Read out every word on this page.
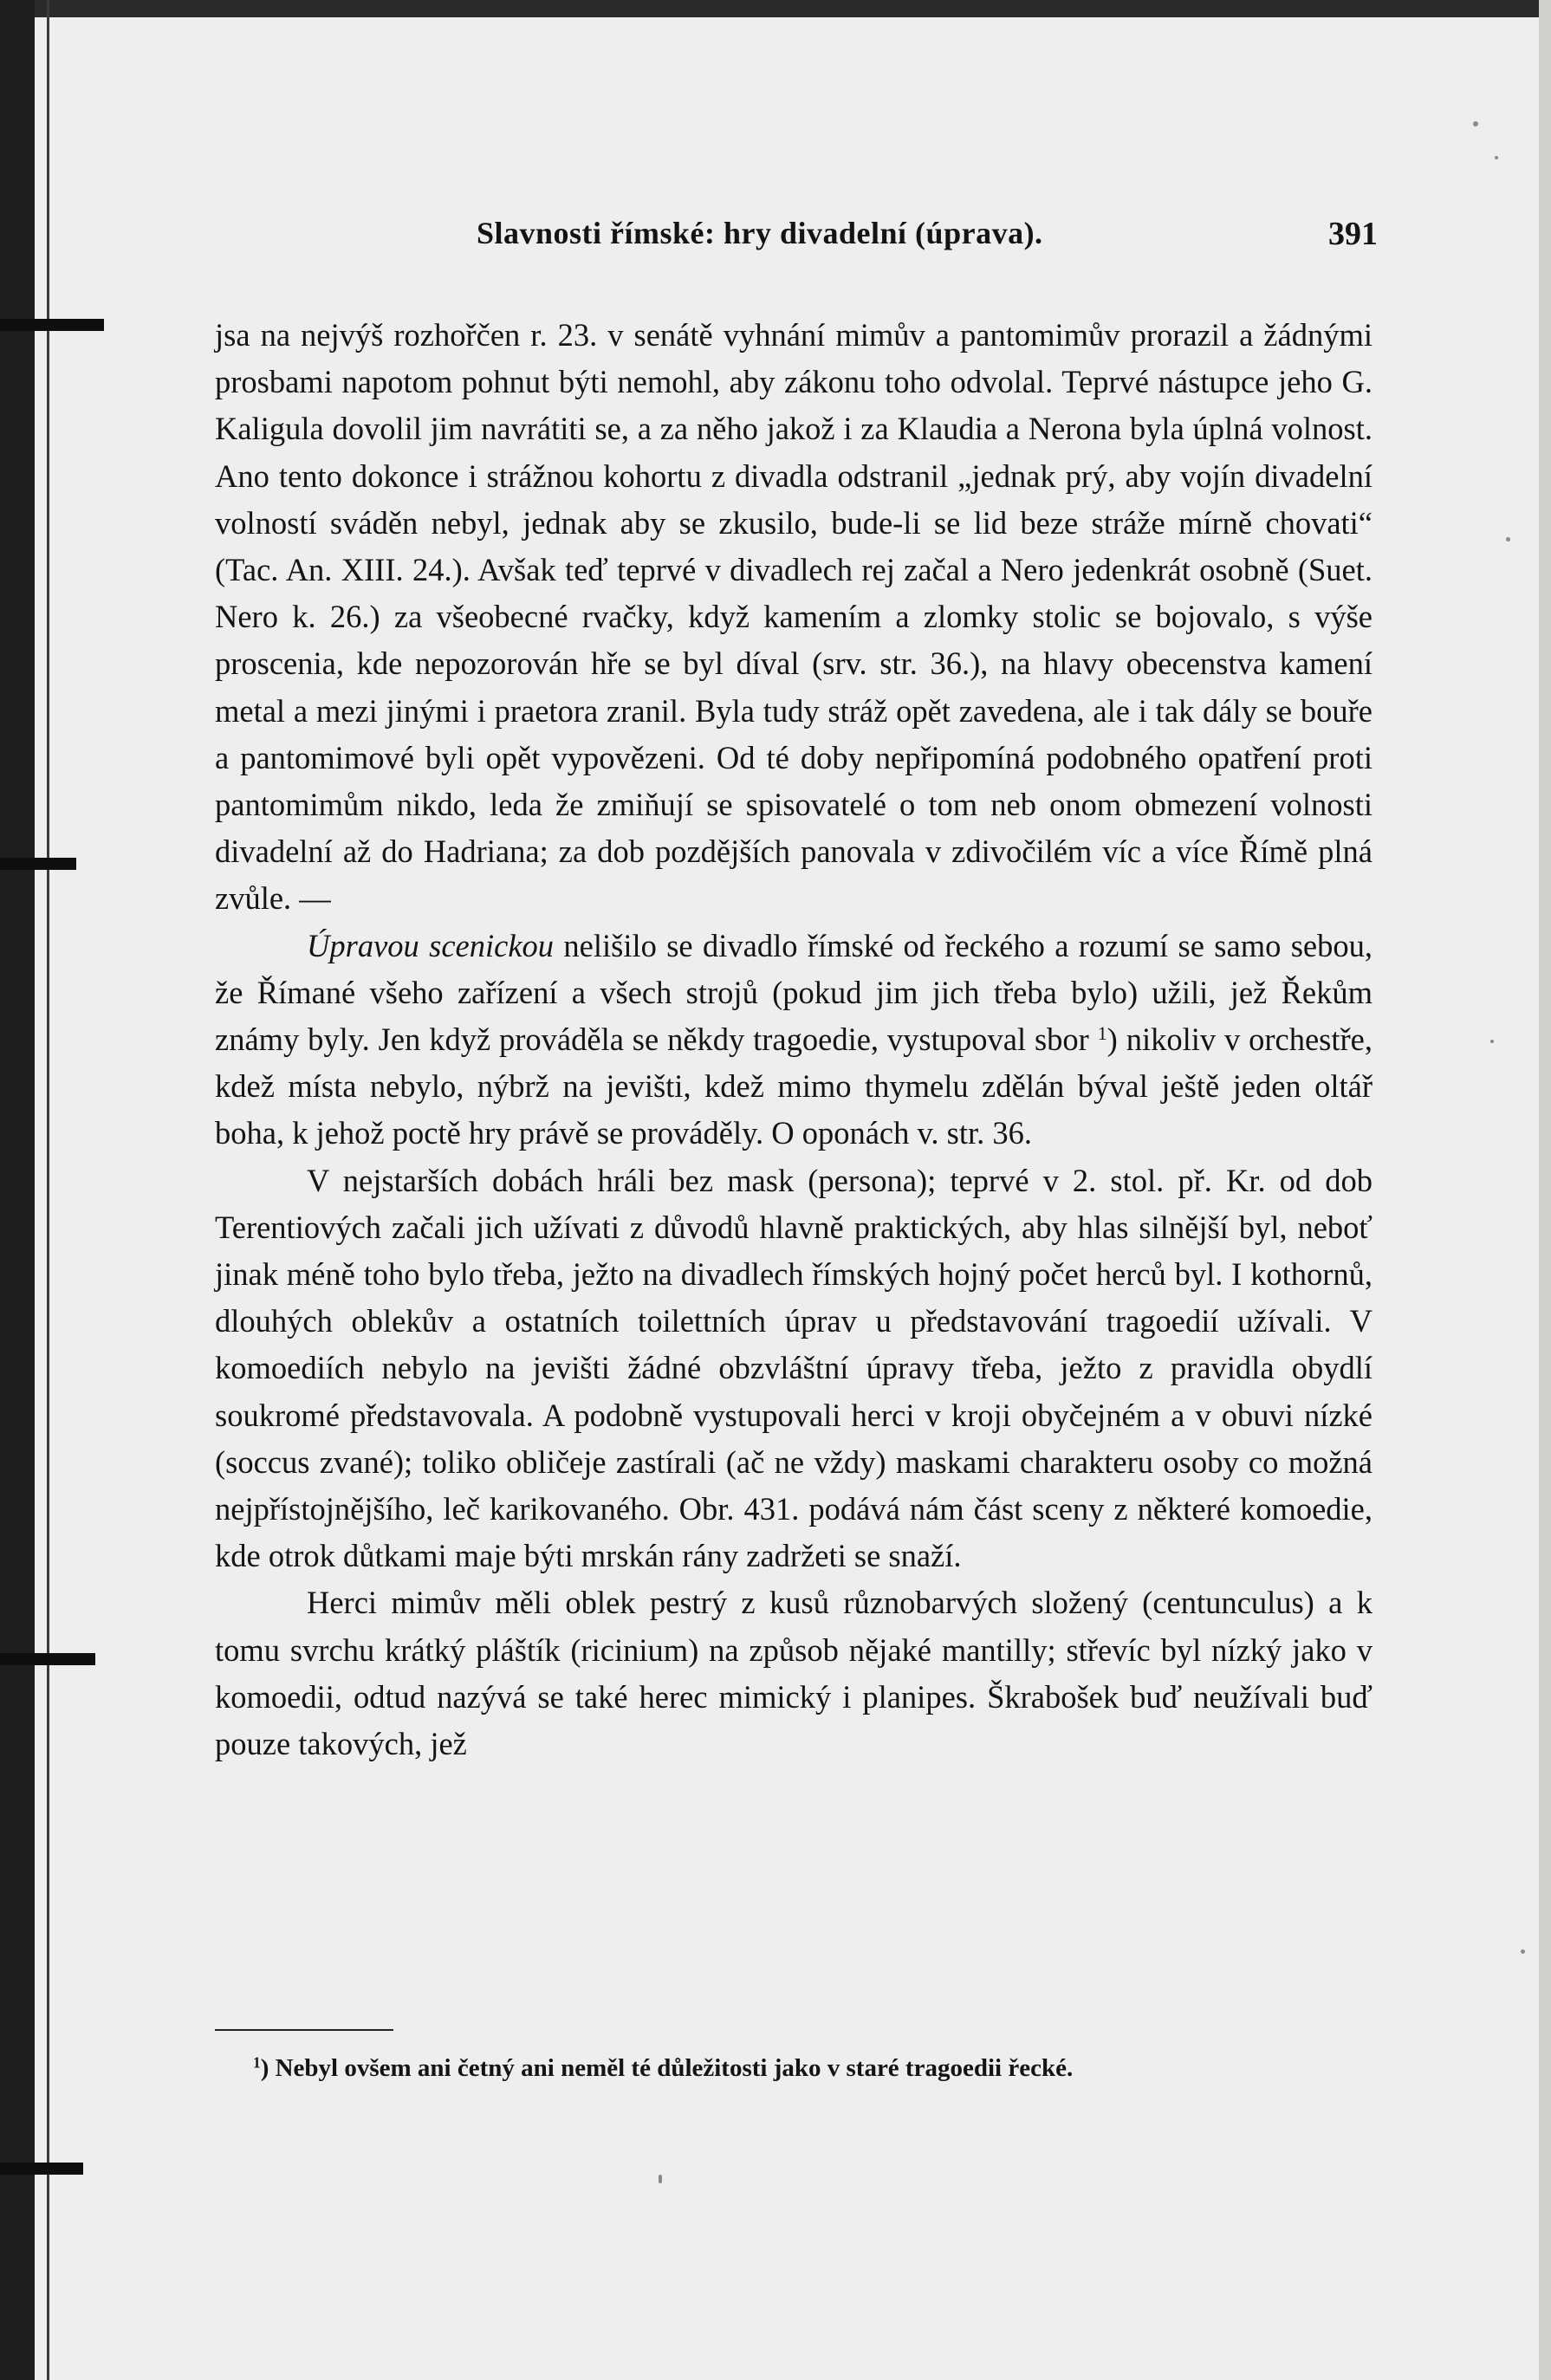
Slavnosti římské: hry divadelní (úprava).	391

jsa na nejvýš rozhořčen r. 23. v senátě vyhnání mimův a pantomimův prorazil a žádnými prosbami napotom pohnut býti nemohl, aby zákonu toho odvolal. Teprvé nástupce jeho G. Kaligula dovolil jim navrátiti se, a za něho jakož i za Klaudia a Nerona byla úplná volnost. Ano tento dokonce i strážnou kohortu z divadla odstranil „jednak prý, aby vojín divadelní volností sváděn nebyl, jednak aby se zkusilo, bude-li se lid beze stráže mírně chovati“ (Tac. An. XIII. 24.). Avšak teď teprvé v divadlech rej začal a Nero jedenkrát osobně (Suet. Nero k. 26.) za všeobecné rvačky, když kamením a zlomky stolic se bojovalo, s výše proscenia, kde nepozorován hře se byl díval (srv. str. 36.), na hlavy obecenstva kamení metal a mezi jinými i praetora zranil. Byla tudy stráž opět zavedena, ale i tak dály se bouře a pantomimové byli opět vypovězeni. Od té doby nepřipomíná podobného opatření proti pantomimům nikdo, leda že zmiňují se spisovatelé o tom neb onom obmezení volnosti divadelní až do Hadriana; za dob pozdějších panovala v zdivočilém víc a více Římě plná zvůle. —

Úpravou scenickou nelišilo se divadlo římské od řeckého a rozumí se samo sebou, že Římané všeho zařízení a všech strojů (pokud jim jich třeba bylo) užili, jež Řekům známy byly. Jen když prováděla se někdy tragoedie, vystupoval sbor $^1$) nikoliv v orchestře, kdež místa nebylo, nýbrž na jevišti, kdež mimo thymelu zdělán býval ještě jeden oltář boha, k jehož poctě hry právě se prováděly. O oponách v. str. 36.

V nejstarších dobách hráli bez mask (persona); teprvé v 2. stol. př. Kr. od dob Terentiových začali jich užívati z důvodů hlavně praktických, aby hlas silnější byl, neboť jinak méně toho bylo třeba, ježto na divadlech římských hojný počet herců byl. I kothornů, dlouhých oblekův a ostatních toilettních úprav u představování tragoedií užívali. V komoediích nebylo na jevišti žádné obzvláštní úpravy třeba, ježto z pravidla obydlí soukromé představovala. A podobně vystupovali herci v kroji obyčejném a v obuvi nízké (soccus zvané); toliko obličeje zastírali (ač ne vždy) maskami charakteru osoby co možná nejpřístojnějšího, leč karikovaného. Obr. 431. podává nám část sceny z některé komoedie, kde otrok důtkami maje býti mrskán rány zadržeti se snaží.

Herci mimův měli oblek pestrý z kusů různobarvých složený (centunculus) a k tomu svrchu krátký pláštík (ricinium) na způsob nějaké mantilly; střevíc byl nízký jako v komoedii, odtud nazývá se také herec mimický i planipes. Škrabošek buď neužívali buď pouze takových, jež

$^1$) Nebyl ovšem ani četný ani neměl té důležitosti jako v staré tragoedii řecké.
